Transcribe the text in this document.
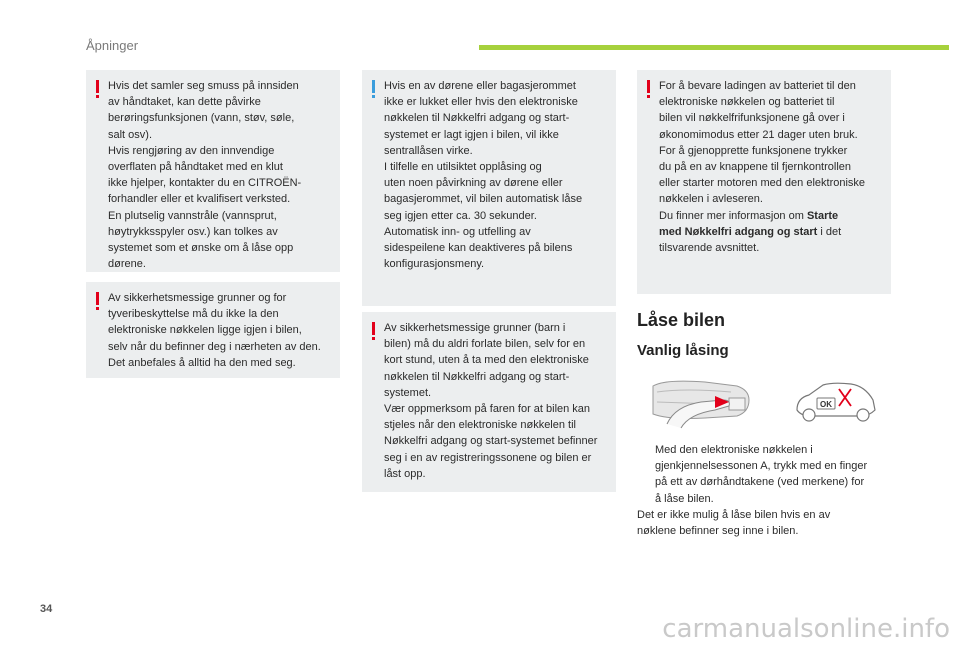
Åpninger

Hvis det samler seg smuss på innsiden
av håndtaket, kan dette påvirke
berøringsfunksjonen (vann, støv, søle,
salt osv).
Hvis rengjøring av den innvendige
overflaten på håndtaket med en klut
ikke hjelper, kontakter du en CITROËN-
forhandler eller et kvalifisert verksted.
En plutselig vannstråle (vannsprut,
høytrykksspyler osv.) kan tolkes av
systemet som et ønske om å låse opp
dørene.

Av sikkerhetsmessige grunner og for
tyveribeskyttelse må du ikke la den
elektroniske nøkkelen ligge igjen i bilen,
selv når du befinner deg i nærheten av den.
Det anbefales å alltid ha den med seg.

Hvis en av dørene eller bagasjerommet
ikke er lukket eller hvis den elektroniske
nøkkelen til Nøkkelfri adgang og start-
systemet er lagt igjen i bilen, vil ikke
sentrallåsen virke.
I tilfelle en utilsiktet opplåsing og
uten noen påvirkning av dørene eller
bagasjerommet, vil bilen automatisk låse
seg igjen etter ca. 30 sekunder.
Automatisk inn- og utfelling av
sidespeilene kan deaktiveres på bilens
konfigurasjonsmeny.

Av sikkerhetsmessige grunner (barn i
bilen) må du aldri forlate bilen, selv for en
kort stund, uten å ta med den elektroniske
nøkkelen til Nøkkelfri adgang og start-
systemet.
Vær oppmerksom på faren for at bilen kan
stjeles når den elektroniske nøkkelen til
Nøkkelfri adgang og start-systemet befinner
seg i en av registreringssonene og bilen er
låst opp.

For å bevare ladingen av batteriet til den
elektroniske nøkkelen og batteriet til
bilen vil nøkkelfrifunksjonene gå over i
økonomimodus etter 21 dager uten bruk.
For å gjenopprette funksjonene trykker
du på en av knappene til fjernkontrollen
eller starter motoren med den elektroniske
nøkkelen i avleseren.
Du finner mer informasjon om Starte
med Nøkkelfri adgang og start i det
tilsvarende avsnittet.

Låse bilen
Vanlig låsing
OK
Med den elektroniske nøkkelen i
gjenkjennelsessonen A, trykk med en finger
på ett av dørhåndtakene (ved merkene) for
å låse bilen.
Det er ikke mulig å låse bilen hvis en av
nøklene befinner seg inne i bilen.
34
carmanualsonline.info
